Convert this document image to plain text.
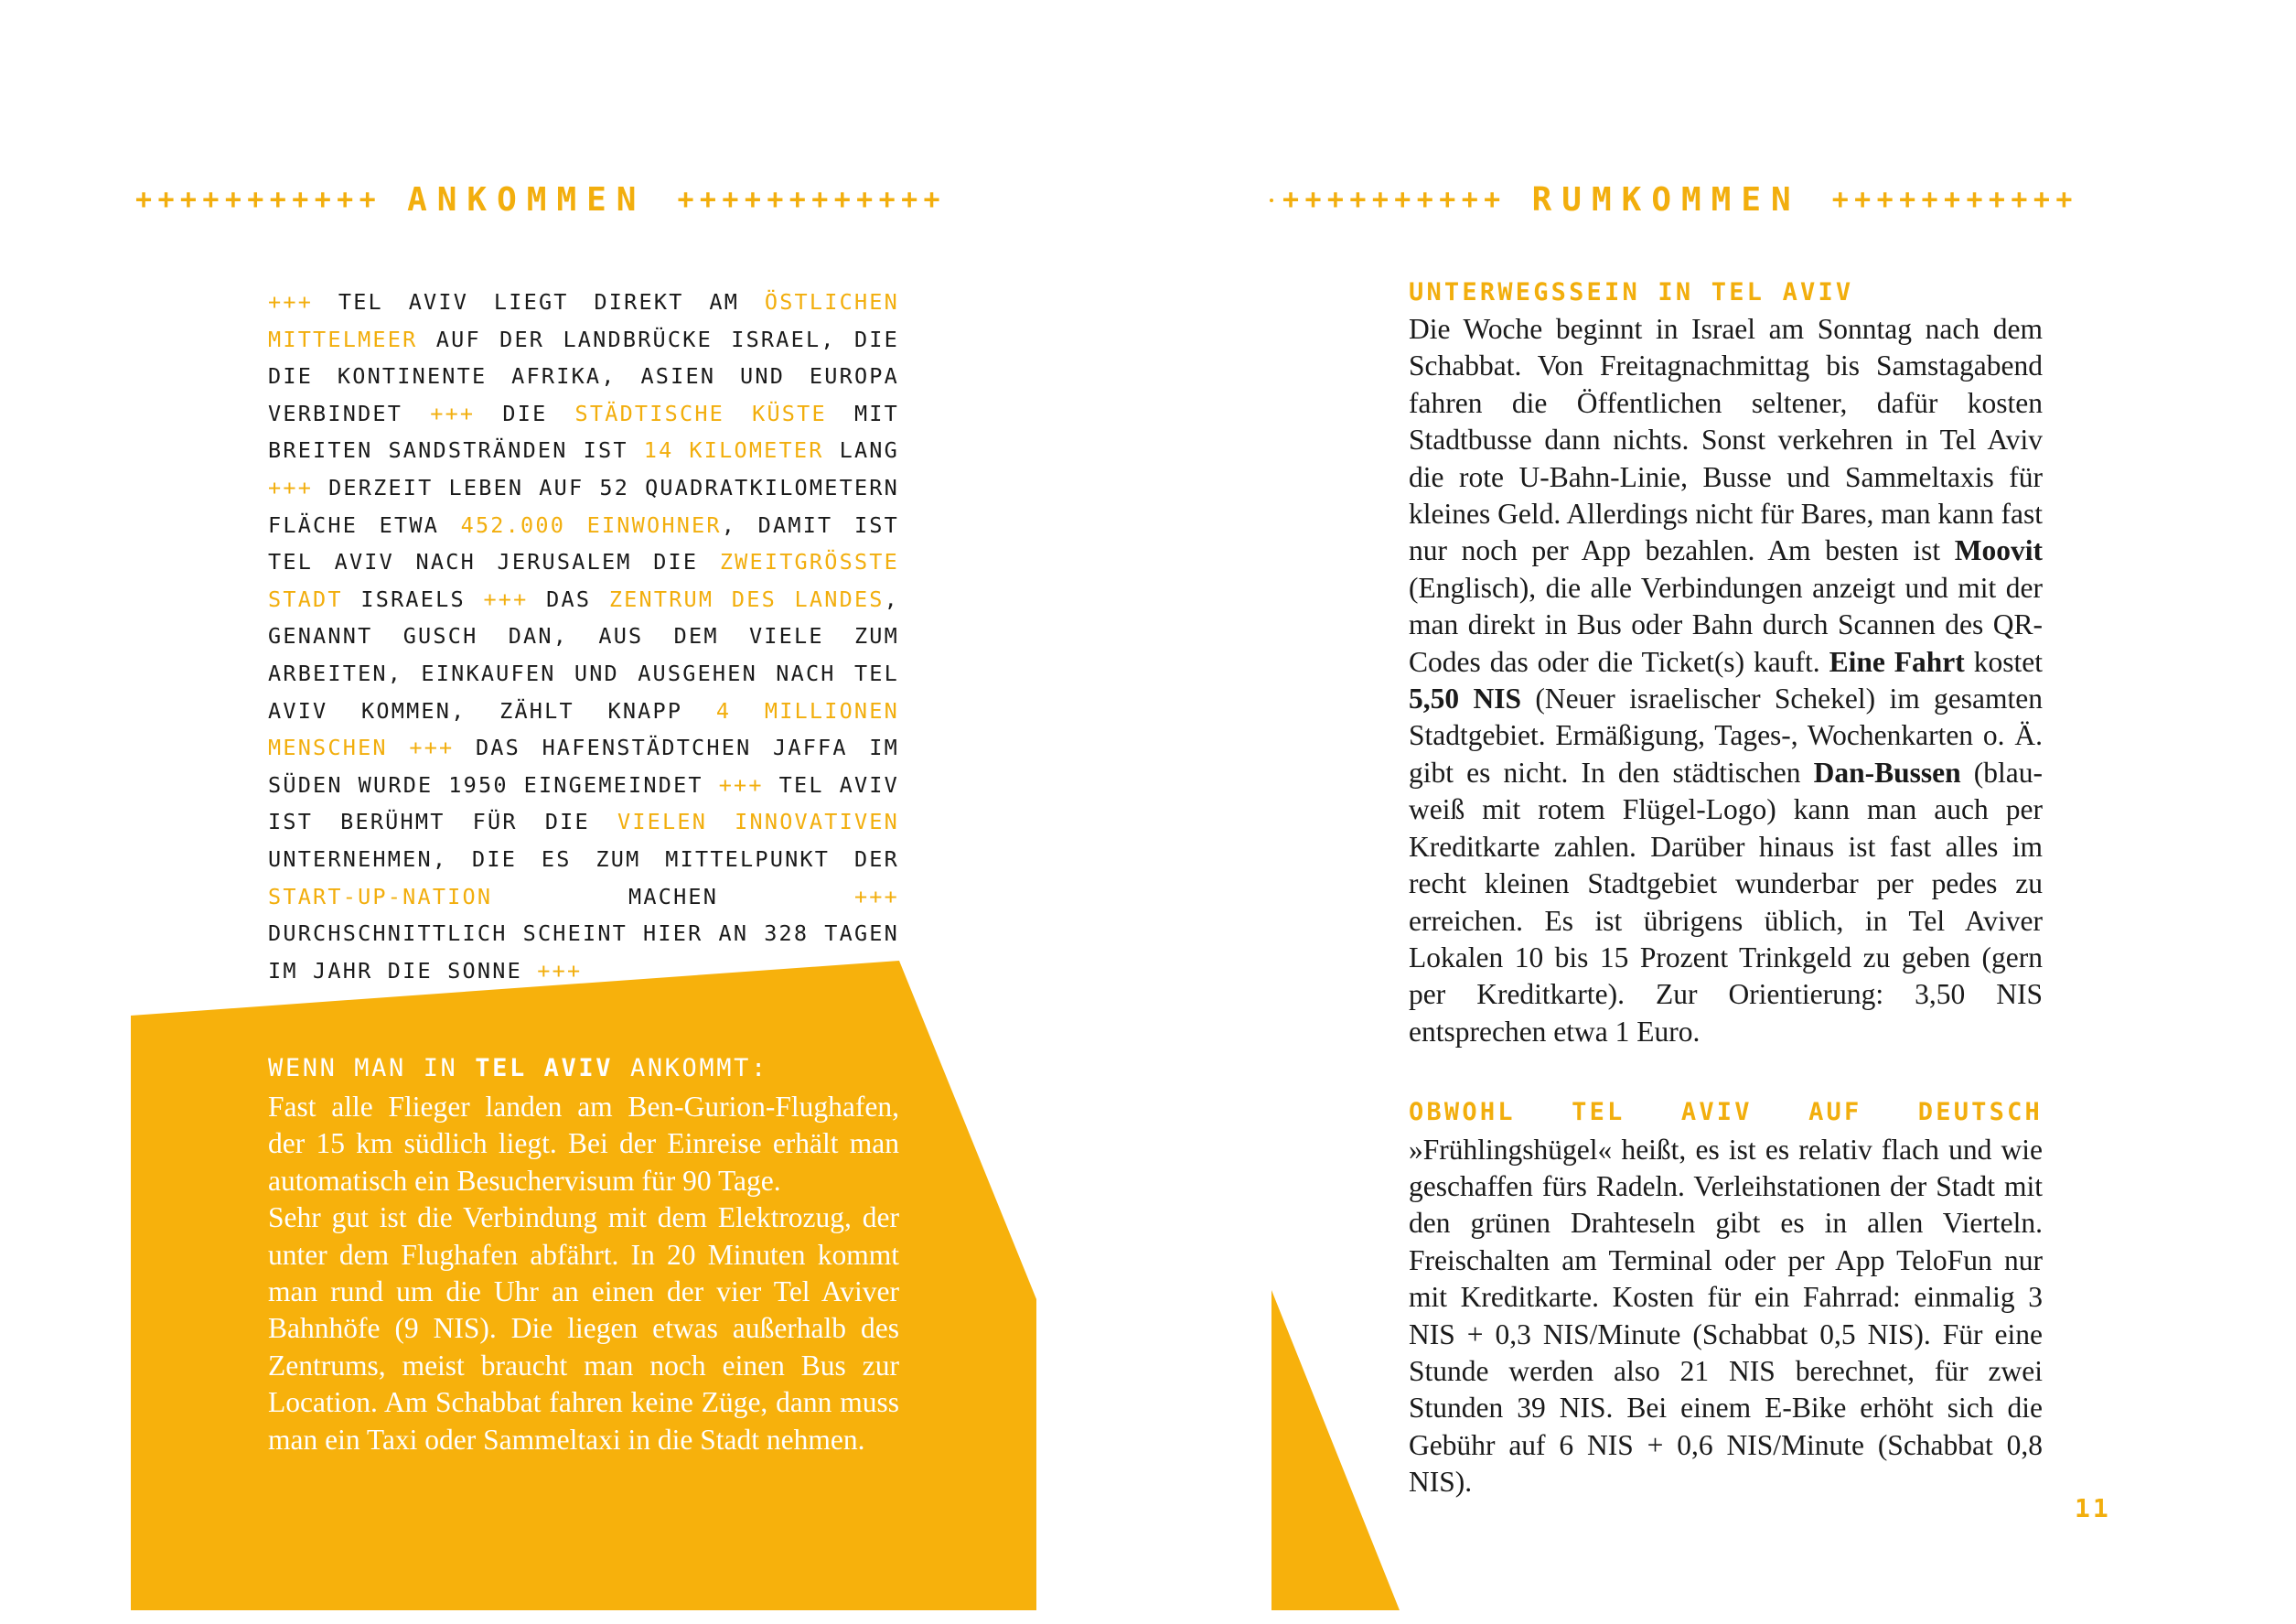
+++++++++++ ANKOMMEN ++++++++++++
+++ TEL AVIV LIEGT DIREKT AM ÖSTLICHEN MITTELMEER AUF DER LANDBRÜCKE ISRAEL, DIE DIE KONTINENTE AFRIKA, ASIEN UND EUROPA VERBINDET +++ DIE STÄDTISCHE KÜSTE MIT BREITEN SANDSTRÄNDEN IST 14 KILOMETER LANG +++ DERZEIT LEBEN AUF 52 QUADRATKILOMETERN FLÄCHE ETWA 452.000 EINWOHNER, DAMIT IST TEL AVIV NACH JERUSALEM DIE ZWEITGRÖSSTE STADT ISRAELS +++ DAS ZENTRUM DES LANDES, GENANNT GUSCH DAN, AUS DEM VIELE ZUM ARBEITEN, EINKAUFEN UND AUSGEHEN NACH TEL AVIV KOMMEN, ZÄHLT KNAPP 4 MILLIONEN MENSCHEN +++ DAS HAFENSTÄDTCHEN JAFFA IM SÜDEN WURDE 1950 EINGEMEINDET +++ TEL AVIV IST BERÜHMT FÜR DIE VIELEN INNOVATIVEN UNTERNEHMEN, DIE ES ZUM MITTELPUNKT DER START-UP-NATION MACHEN +++ DURCHSCHNITTLICH SCHEINT HIER AN 328 TAGEN IM JAHR DIE SONNE +++
WENN MAN IN TEL AVIV ANKOMMT:
Fast alle Flieger landen am Ben-Gurion-Flughafen, der 15 km südlich liegt. Bei der Einreise erhält man automatisch ein Besuchervisum für 90 Tage.
Sehr gut ist die Verbindung mit dem Elektrozug, der unter dem Flughafen abfährt. In 20 Minuten kommt man rund um die Uhr an einen der vier Tel Aviver Bahnhöfe (9 NIS). Die liegen etwas außerhalb des Zentrums, meist braucht man noch einen Bus zur Location. Am Schabbat fahren keine Züge, dann muss man ein Taxi oder Sammeltaxi in die Stadt nehmen.
++++++++++ RUMKOMMEN +++++++++++
UNTERWEGSSEIN IN TEL AVIV
Die Woche beginnt in Israel am Sonntag nach dem Schabbat. Von Freitagnachmittag bis Samstagabend fahren die Öffentlichen seltener, dafür kosten Stadtbusse dann nichts. Sonst verkehren in Tel Aviv die rote U-Bahn-Linie, Busse und Sammeltaxis für kleines Geld. Allerdings nicht für Bares, man kann fast nur noch per App bezahlen. Am besten ist Moovit (Englisch), die alle Verbindungen anzeigt und mit der man direkt in Bus oder Bahn durch Scannen des QR-Codes das oder die Ticket(s) kauft. Eine Fahrt kostet 5,50 NIS (Neuer israelischer Schekel) im gesamten Stadtgebiet. Ermäßigung, Tages-, Wochenkarten o. Ä. gibt es nicht. In den städtischen Dan-Bussen (blau-weiß mit rotem Flügel-Logo) kann man auch per Kreditkarte zahlen. Darüber hinaus ist fast alles im recht kleinen Stadtgebiet wunderbar per pedes zu erreichen. Es ist übrigens üblich, in Tel Aviver Lokalen 10 bis 15 Prozent Trinkgeld zu geben (gern per Kreditkarte). Zur Orientierung: 3,50 NIS entsprechen etwa 1 Euro.
OBWOHL TEL AVIV AUF DEUTSCH »Frühlingshügel« heißt, es ist es relativ flach und wie geschaffen fürs Radeln. Verleihstationen der Stadt mit den grünen Drahteseln gibt es in allen Vierteln. Freischalten am Terminal oder per App TeloFun nur mit Kreditkarte. Kosten für ein Fahrrad: einmalig 3 NIS + 0,3 NIS/Minute (Schabbat 0,5 NIS). Für eine Stunde werden also 21 NIS berechnet, für zwei Stunden 39 NIS. Bei einem E-Bike erhöht sich die Gebühr auf 6 NIS + 0,6 NIS/Minute (Schabbat 0,8 NIS).
11
